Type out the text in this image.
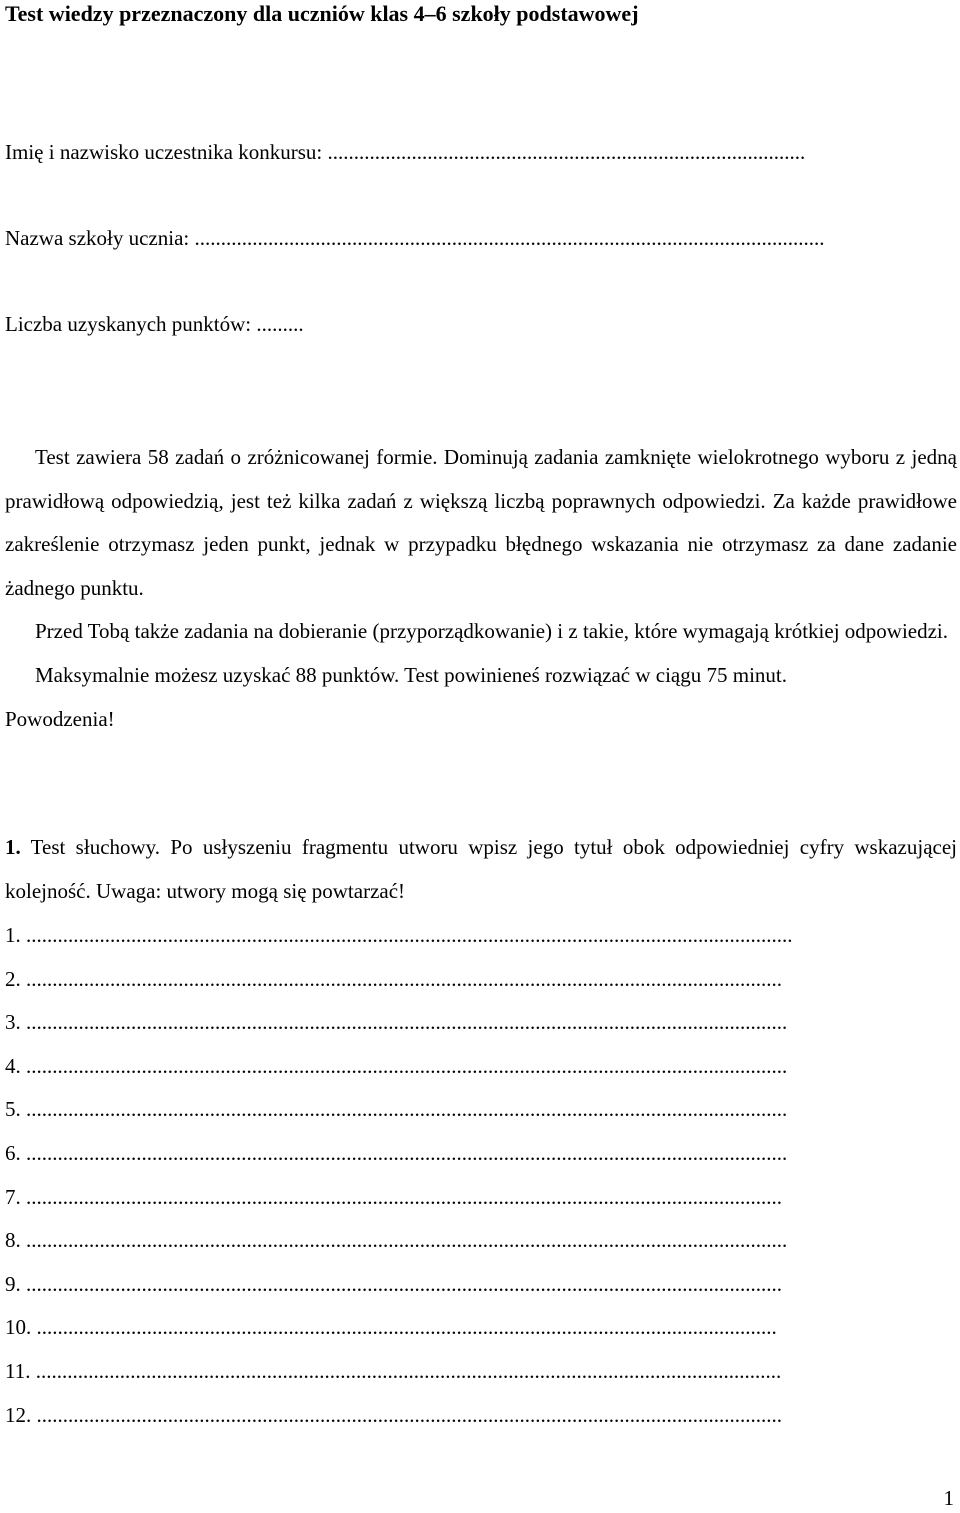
Test wiedzy przeznaczony dla uczniów klas 4–6 szkoły podstawowej
Imię i nazwisko uczestnika konkursu: ...........................................................................................
Nazwa szkoły ucznia: ........................................................................................................................
Liczba uzyskanych punktów: .........

Test zawiera 58 zadań o zróżnicowanej formie. Dominują zadania zamknięte wielokrotnego wyboru z jedną prawidłową odpowiedzią, jest też kilka zadań z większą liczbą poprawnych odpowiedzi. Za każde prawidłowe zakreślenie otrzymasz jeden punkt, jednak w przypadku błędnego wskazania nie otrzymasz za dane zadanie żadnego punktu.

Przed Tobą także zadania na dobieranie (przyporządkowanie) i z takie, które wymagają krótkiej odpowiedzi.

Maksymalnie możesz uzyskać 88 punktów. Test powinieneś rozwiązać w ciągu 75 minut.

Powodzenia!

1. Test słuchowy. Po usłyszeniu fragmentu utworu wpisz jego tytuł obok odpowiedniej cyfry wskazującej kolejność. Uwaga: utwory mogą się powtarzać!

1. ..................................................................................................................................................
2. ................................................................................................................................................
3. .................................................................................................................................................
4. .................................................................................................................................................
5. .................................................................................................................................................
6. .................................................................................................................................................
7. ................................................................................................................................................
8. .................................................................................................................................................
9. ................................................................................................................................................
10. .............................................................................................................................................
11. ..............................................................................................................................................
12. ..............................................................................................................................................
1
